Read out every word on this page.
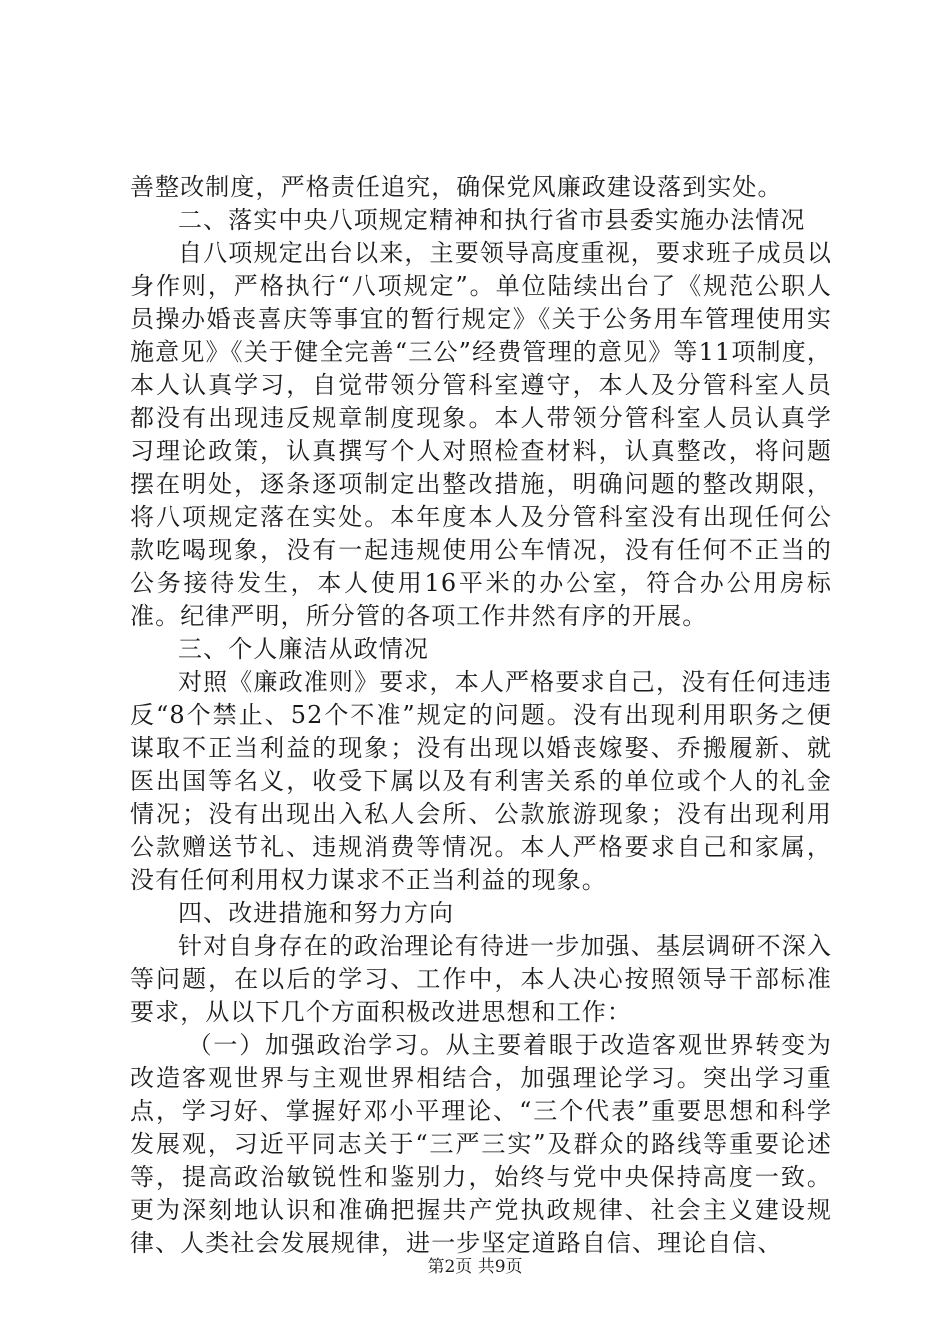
善整改制度，严格责任追究，确保党风廉政建设落到实处。

二、落实中央八项规定精神和执行省市县委实施办法情况

自八项规定出台以来，主要领导高度重视，要求班子成员以身作则，严格执行“八项规定”。单位陆续出台了《规范公职人员操办婚丧喜庆等事宜的暂行规定》《关于公务用车管理使用实施意见》《关于健全完善“三公”经费管理的意见》等11项制度，本人认真学习，自觉带领分管科室遵守，本人及分管科室人员都没有出现违反规章制度现象。本人带领分管科室人员认真学习理论政策，认真撰写个人对照检查材料，认真整改，将问题摆在明处，逐条逐项制定出整改措施，明确问题的整改期限，将八项规定落在实处。本年度本人及分管科室没有出现任何公款吃喝现象，没有一起违规使用公车情况，没有任何不正当的公务接待发生，本人使用16平米的办公室，符合办公用房标准。纪律严明，所分管的各项工作井然有序的开展。

三、个人廉洁从政情况

对照《廉政准则》要求，本人严格要求自己，没有任何违违反“8个禁止、52个不准”规定的问题。没有出现利用职务之便谋取不正当利益的现象；没有出现以婚丧嫁娶、乔搬履新、就医出国等名义，收受下属以及有利害关系的单位或个人的礼金情况；没有出现出入私人会所、公款旅游现象；没有出现利用公款赠送节礼、违规消费等情况。本人严格要求自己和家属，没有任何利用权力谋求不正当利益的现象。

四、改进措施和努力方向

针对自身存在的政治理论有待进一步加强、基层调研不深入等问题，在以后的学习、工作中，本人决心按照领导干部标准要求，从以下几个方面积极改进思想和工作：

（一）加强政治学习。从主要着眼于改造客观世界转变为改造客观世界与主观世界相结合，加强理论学习。突出学习重点，学习好、掌握好邓小平理论、“三个代表”重要思想和科学发展观，习近平同志关于“三严三实”及群众的路线等重要论述等，提高政治敏锐性和鉴别力，始终与党中央保持高度一致。更为深刻地认识和准确把握共产党执政规律、社会主义建设规律、人类社会发展规律，进一步坚定道路自信、理论自信、

第2页 共9页
